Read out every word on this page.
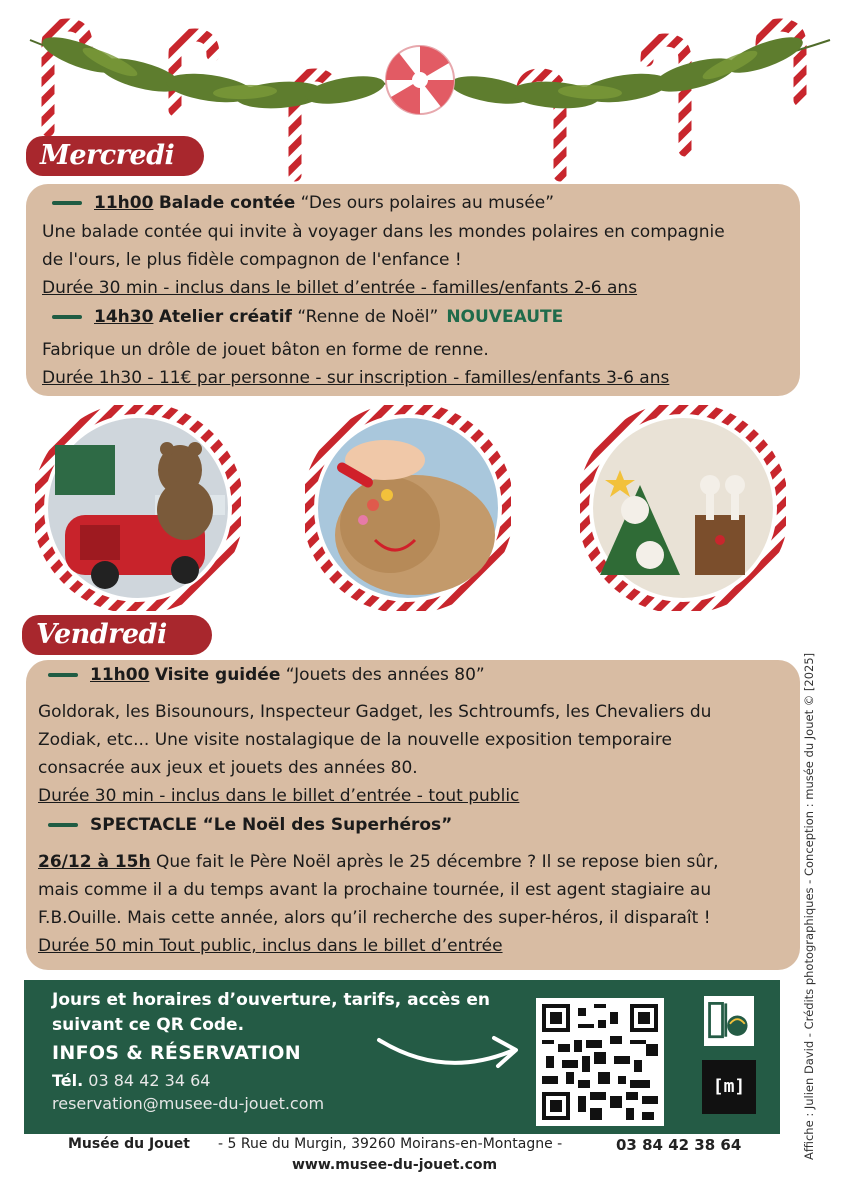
Mercredi
11h00
Balade contée
“Des ours polaires au musée”
Une balade contée qui invite à voyager dans les mondes polaires en compagnie
de l'ours, le plus fidèle compagnon de l'enfance !
Durée 30 min - inclus dans le billet d’entrée - familles/enfants 2-6 ans
14h30
Atelier créatif
“Renne de Noël” NOUVEAUTE
Fabrique un drôle de jouet bâton en forme de renne.
Durée 1h30 - 11€ par personne - sur inscription - familles/enfants 3-6 ans
Vendredi
11h00
Visite guidée
“Jouets des années 80”
Goldorak, les Bisounours, Inspecteur Gadget, les Schtroumfs, les Chevaliers du
Zodiak, etc... Une visite nostalagique de la nouvelle exposition temporaire
consacrée aux jeux et jouets des années 80.
Durée 30 min - inclus dans le billet d’entrée - tout public
SPECTACLE
“Le Noël des Superhéros”
26/12 à 15h Que fait le Père Noël après le 25 décembre ? Il se repose bien sûr,
mais comme il a du temps avant la prochaine tournée, il est agent stagiaire au
F.B.Ouille. Mais cette année, alors qu’il recherche des super-héros, il disparaît !
Durée 50 min Tout public, inclus dans le billet d’entrée
Jours et horaires d’ouverture, tarifs, accès en suivant ce QR Code.
INFOS & RÉSERVATION
Tél. 03 84 42 34 64
reservation@musee-du-jouet.com
[m]
Musée du Jouet - 5 Rue du Murgin, 39260 Moirans-en-Montagne -	03 84 42 38 64
www.musee-du-jouet.com
Affiche : Julien David - Crédits photographiques - Conception : musée du Jouet © [2025]
